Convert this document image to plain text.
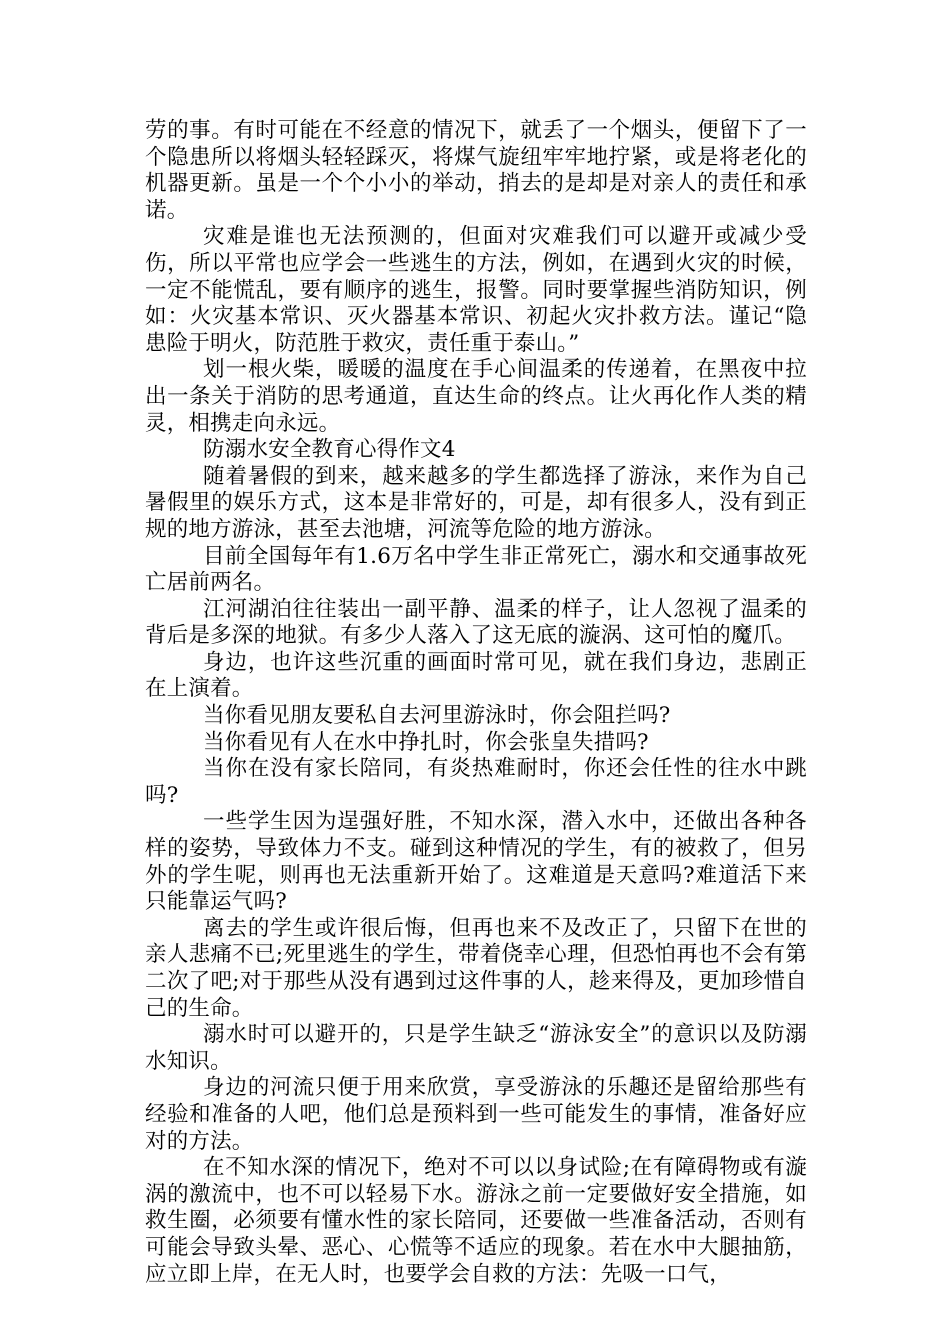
劳的事。有时可能在不经意的情况下，就丢了一个烟头，便留下了一个隐患所以将烟头轻轻踩灭，将煤气旋纽牢牢地拧紧，或是将老化的机器更新。虽是一个个小小的举动，捎去的是却是对亲人的责任和承诺。

灾难是谁也无法预测的，但面对灾难我们可以避开或减少受伤，所以平常也应学会一些逃生的方法，例如，在遇到火灾的时候，一定不能慌乱，要有顺序的逃生，报警。同时要掌握些消防知识，例如：火灾基本常识、灭火器基本常识、初起火灾扑救方法。谨记“隐患险于明火，防范胜于救灾，责任重于泰山。”

划一根火柴，暖暖的温度在手心间温柔的传递着，在黑夜中拉出一条关于消防的思考通道，直达生命的终点。让火再化作人类的精灵，相携走向永远。

防溺水安全教育心得作文4

随着暑假的到来，越来越多的学生都选择了游泳，来作为自己暑假里的娱乐方式，这本是非常好的，可是，却有很多人，没有到正规的地方游泳，甚至去池塘，河流等危险的地方游泳。

目前全国每年有1.6万名中学生非正常死亡，溺水和交通事故死亡居前两名。

江河湖泊往往装出一副平静、温柔的样子，让人忽视了温柔的背后是多深的地狱。有多少人落入了这无底的漩涡、这可怕的魔爪。

身边，也许这些沉重的画面时常可见，就在我们身边，悲剧正在上演着。

当你看见朋友要私自去河里游泳时，你会阻拦吗?

当你看见有人在水中挣扎时，你会张皇失措吗?

当你在没有家长陪同，有炎热难耐时，你还会任性的往水中跳吗?

一些学生因为逞强好胜，不知水深，潜入水中，还做出各种各样的姿势，导致体力不支。碰到这种情况的学生，有的被救了，但另外的学生呢，则再也无法重新开始了。这难道是天意吗?难道活下来只能靠运气吗?

离去的学生或许很后悔，但再也来不及改正了，只留下在世的亲人悲痛不已;死里逃生的学生，带着侥幸心理，但恐怕再也不会有第二次了吧;对于那些从没有遇到过这件事的人，趁来得及，更加珍惜自己的生命。

溺水时可以避开的，只是学生缺乏“游泳安全”的意识以及防溺水知识。

身边的河流只便于用来欣赏，享受游泳的乐趣还是留给那些有经验和准备的人吧，他们总是预料到一些可能发生的事情，准备好应对的方法。

在不知水深的情况下，绝对不可以以身试险;在有障碍物或有漩涡的激流中，也不可以轻易下水。游泳之前一定要做好安全措施，如救生圈，必须要有懂水性的家长陪同，还要做一些准备活动，否则有可能会导致头晕、恶心、心慌等不适应的现象。若在水中大腿抽筋，应立即上岸，在无人时，也要学会自救的方法：先吸一口气，
